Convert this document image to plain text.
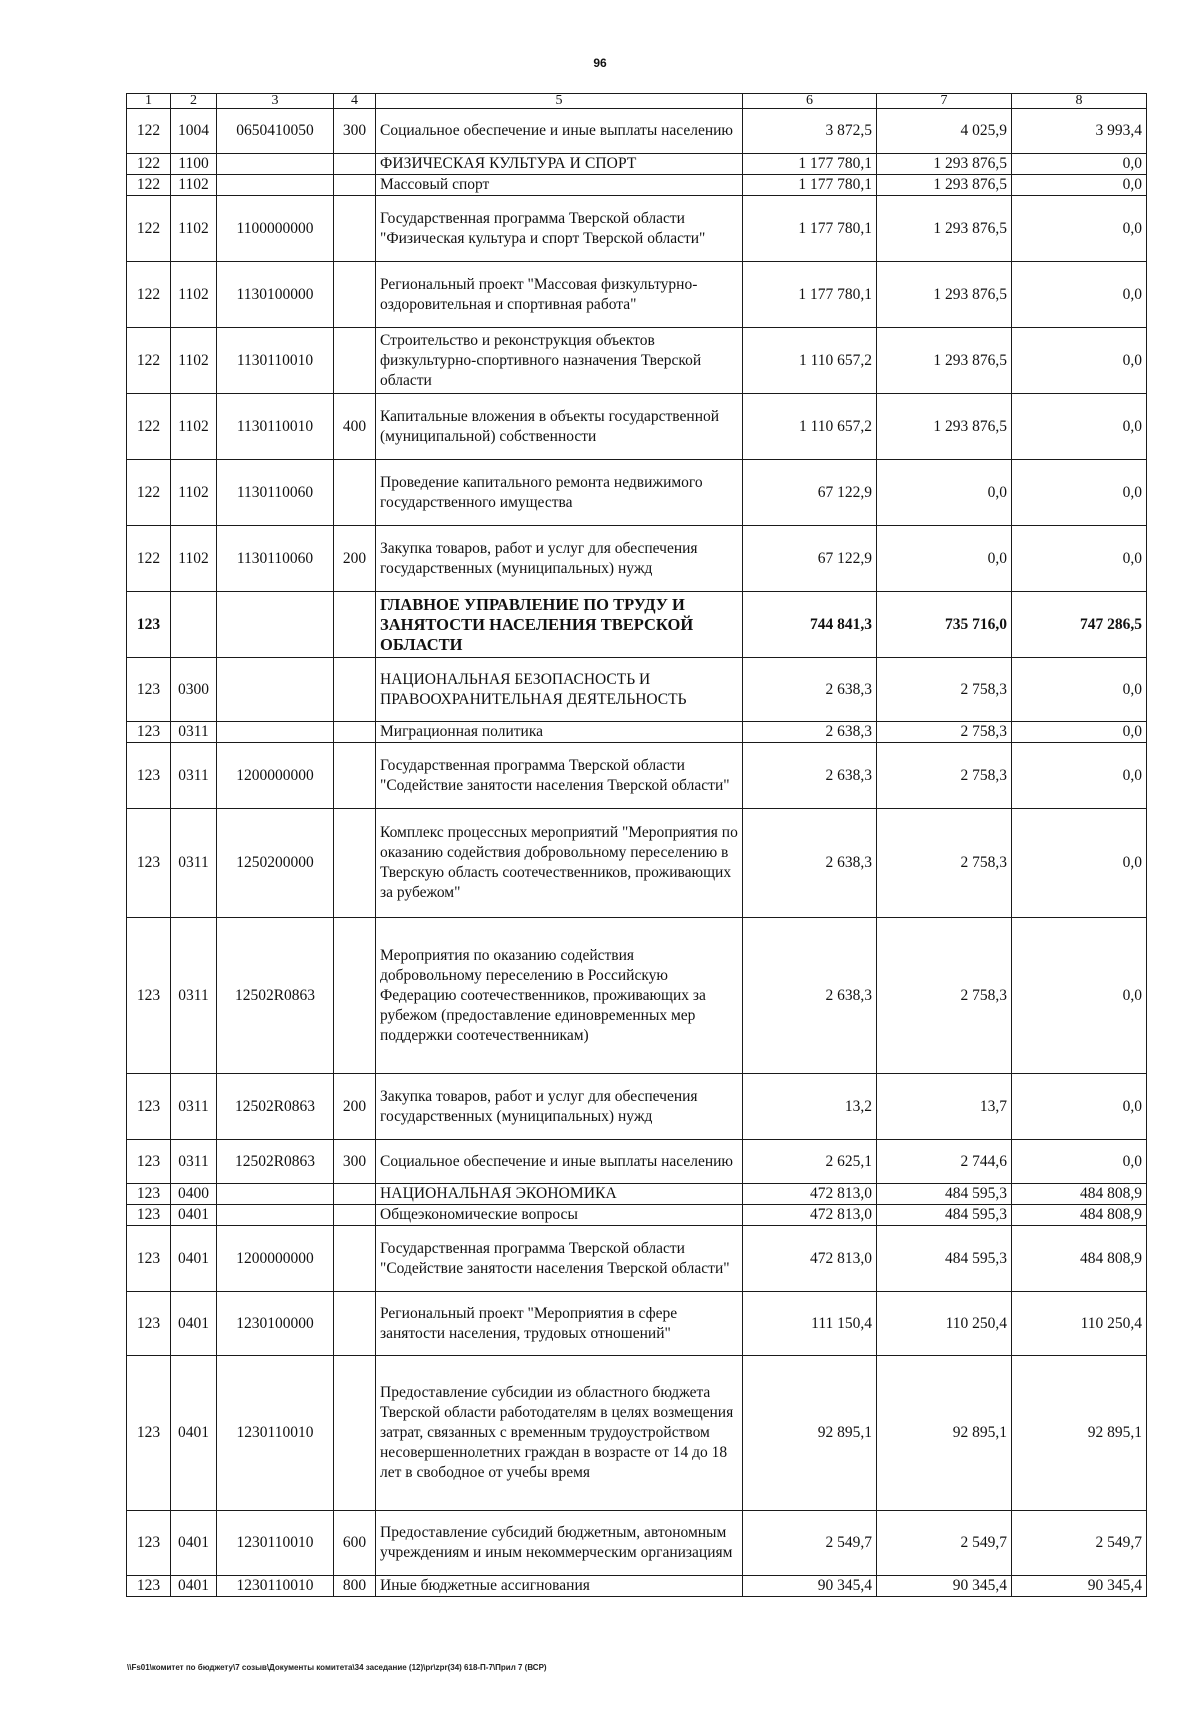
96
1	2	3	4	5	6	7	8
122	1004	0650410050	300	Социальное обеспечение и иные выплаты населению	3 872,5	4 025,9	3 993,4
122	1100			ФИЗИЧЕСКАЯ КУЛЬТУРА И СПОРТ	1 177 780,1	1 293 876,5	0,0
122	1102			Массовый спорт	1 177 780,1	1 293 876,5	0,0
122	1102	1100000000		Государственная программа Тверской области "Физическая культура и спорт Тверской области"	1 177 780,1	1 293 876,5	0,0
122	1102	1130100000		Региональный проект "Массовая физкультурно-оздоровительная и спортивная работа"	1 177 780,1	1 293 876,5	0,0
122	1102	1130110010		Строительство и реконструкция объектов физкультурно-спортивного назначения Тверской области	1 110 657,2	1 293 876,5	0,0
122	1102	1130110010	400	Капитальные вложения в объекты государственной (муниципальной) собственности	1 110 657,2	1 293 876,5	0,0
122	1102	1130110060		Проведение капитального ремонта недвижимого государственного имущества	67 122,9	0,0	0,0
122	1102	1130110060	200	Закупка товаров, работ и услуг для обеспечения государственных (муниципальных) нужд	67 122,9	0,0	0,0
123				ГЛАВНОЕ УПРАВЛЕНИЕ ПО ТРУДУ И ЗАНЯТОСТИ НАСЕЛЕНИЯ ТВЕРСКОЙ ОБЛАСТИ	744 841,3	735 716,0	747 286,5
123	0300			НАЦИОНАЛЬНАЯ БЕЗОПАСНОСТЬ И ПРАВООХРАНИТЕЛЬНАЯ ДЕЯТЕЛЬНОСТЬ	2 638,3	2 758,3	0,0
123	0311			Миграционная политика	2 638,3	2 758,3	0,0
123	0311	1200000000		Государственная программа Тверской области "Содействие занятости населения Тверской области"	2 638,3	2 758,3	0,0
123	0311	1250200000		Комплекс процессных мероприятий "Мероприятия по оказанию содействия добровольному переселению в Тверскую область соотечественников, проживающих за рубежом"	2 638,3	2 758,3	0,0
123	0311	12502R0863		Мероприятия по оказанию содействия добровольному переселению в Российскую Федерацию соотечественников, проживающих за рубежом (предоставление единовременных мер поддержки соотечественникам)	2 638,3	2 758,3	0,0
123	0311	12502R0863	200	Закупка товаров, работ и услуг для обеспечения государственных (муниципальных) нужд	13,2	13,7	0,0
123	0311	12502R0863	300	Социальное обеспечение и иные выплаты населению	2 625,1	2 744,6	0,0
123	0400			НАЦИОНАЛЬНАЯ ЭКОНОМИКА	472 813,0	484 595,3	484 808,9
123	0401			Общеэкономические вопросы	472 813,0	484 595,3	484 808,9
123	0401	1200000000		Государственная программа Тверской области "Содействие занятости населения Тверской области"	472 813,0	484 595,3	484 808,9
123	0401	1230100000		Региональный проект "Мероприятия в сфере занятости населения, трудовых отношений"	111 150,4	110 250,4	110 250,4
123	0401	1230110010		Предоставление субсидии из областного бюджета Тверской области работодателям в целях возмещения затрат, связанных с временным трудоустройством несовершеннолетних граждан в возрасте от 14 до 18 лет в свободное от учебы время	92 895,1	92 895,1	92 895,1
123	0401	1230110010	600	Предоставление субсидий бюджетным, автономным учреждениям и иным некоммерческим организациям	2 549,7	2 549,7	2 549,7
123	0401	1230110010	800	Иные бюджетные ассигнования	90 345,4	90 345,4	90 345,4
\\Fs01\комитет по бюджету\7 созыв\Документы комитета\34 заседание (12)\pr\zpr(34) 618-П-7\Прил 7 (ВСР)
